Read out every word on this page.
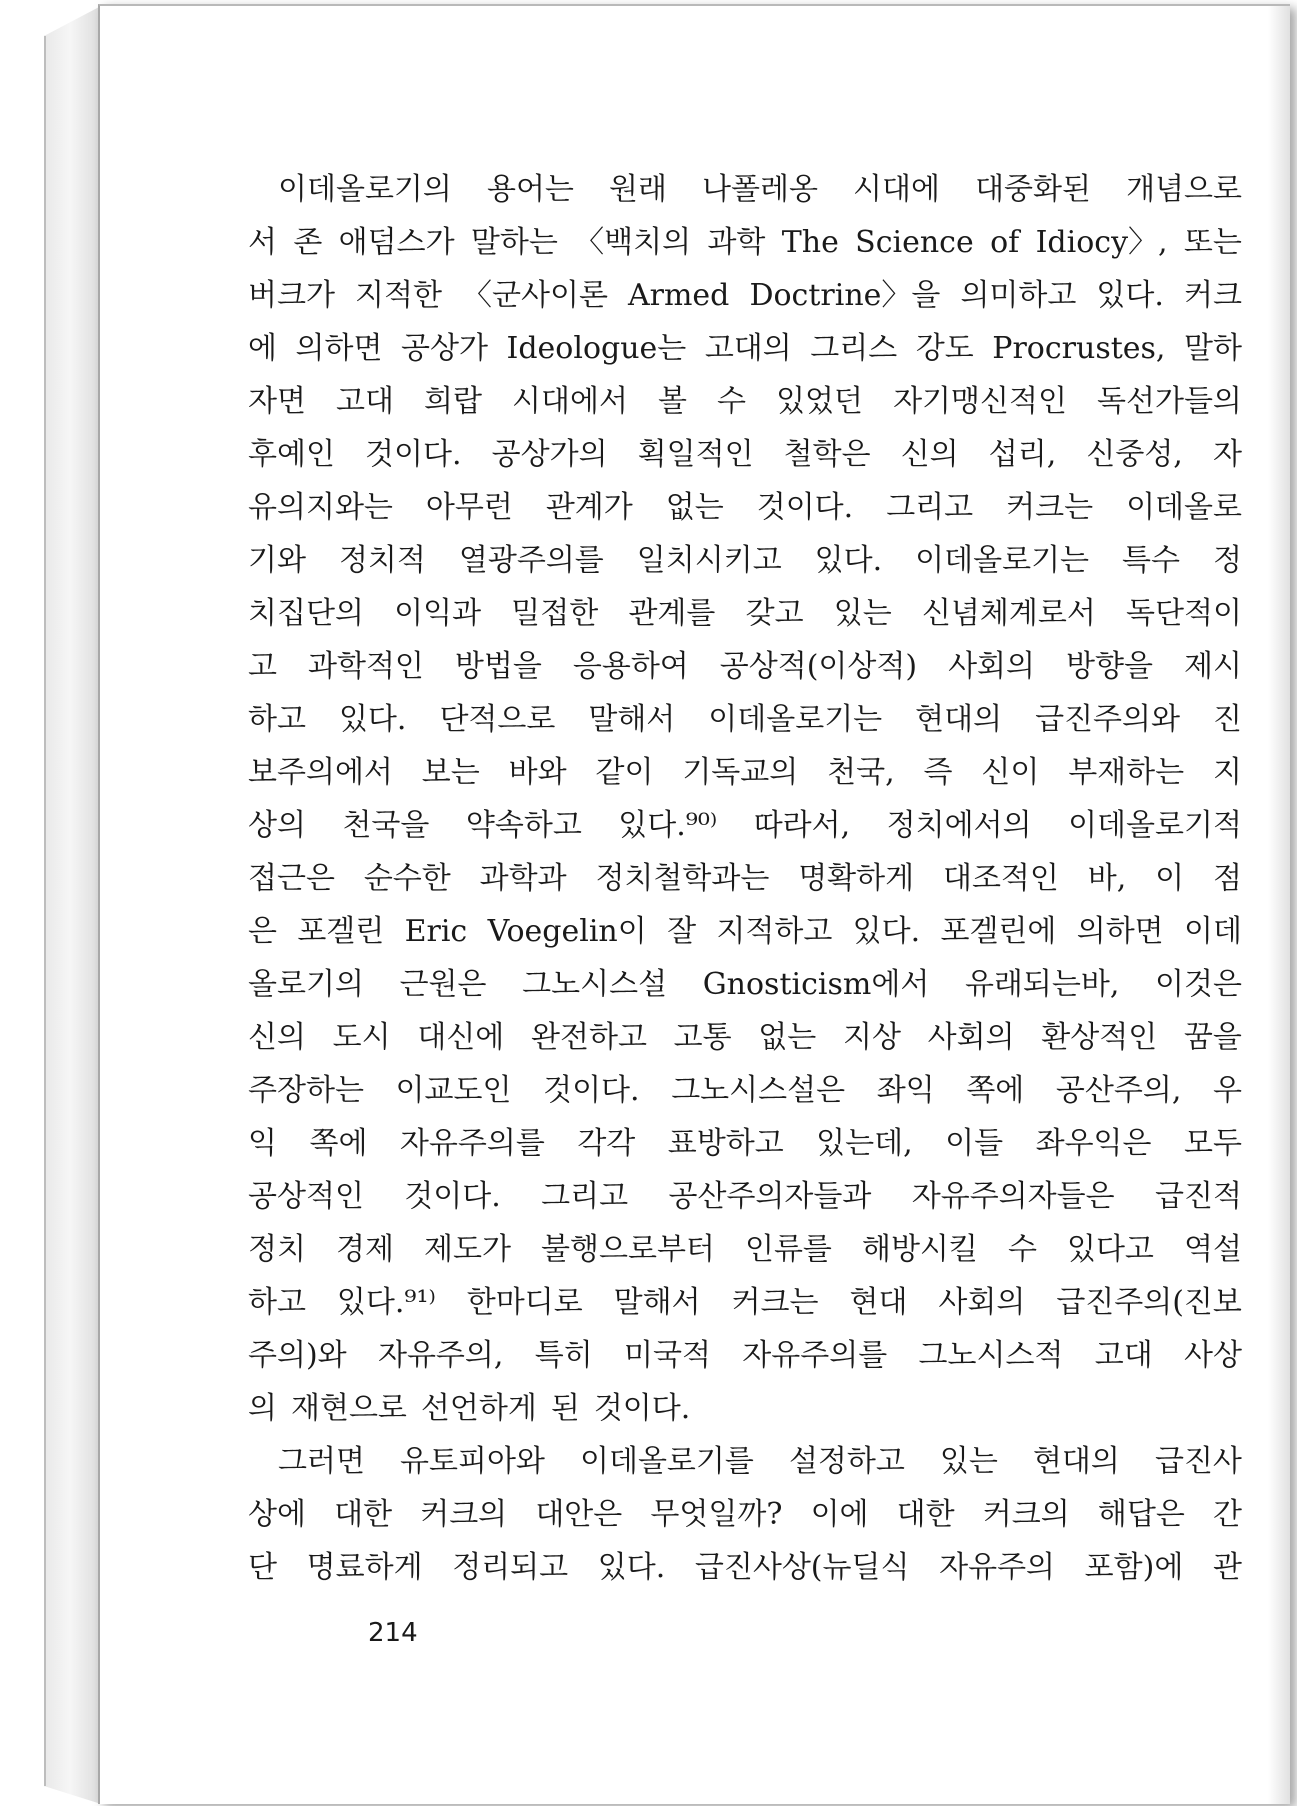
이데올로기의 용어는 원래 나폴레옹 시대에 대중화된 개념으로
서 존 애덤스가 말하는 〈백치의 과학 The Science of Idiocy〉, 또는
버크가 지적한 〈군사이론 Armed Doctrine〉을 의미하고 있다. 커크
에 의하면 공상가 Ideologue는 고대의 그리스 강도 Procrustes, 말하
자면 고대 희랍 시대에서 볼 수 있었던 자기맹신적인 독선가들의
후예인 것이다. 공상가의 획일적인 철학은 신의 섭리, 신중성, 자
유의지와는 아무런 관계가 없는 것이다. 그리고 커크는 이데올로
기와 정치적 열광주의를 일치시키고 있다. 이데올로기는 특수 정
치집단의 이익과 밀접한 관계를 갖고 있는 신념체계로서 독단적이
고 과학적인 방법을 응용하여 공상적(이상적) 사회의 방향을 제시
하고 있다. 단적으로 말해서 이데올로기는 현대의 급진주의와 진
보주의에서 보는 바와 같이 기독교의 천국, 즉 신이 부재하는 지
상의 천국을 약속하고 있다.⁹⁰⁾ 따라서, 정치에서의 이데올로기적
접근은 순수한 과학과 정치철학과는 명확하게 대조적인 바, 이 점
은 포겔린 Eric Voegelin이 잘 지적하고 있다. 포겔린에 의하면 이데
올로기의 근원은 그노시스설 Gnosticism에서 유래되는바, 이것은
신의 도시 대신에 완전하고 고통 없는 지상 사회의 환상적인 꿈을
주장하는 이교도인 것이다. 그노시스설은 좌익 쪽에 공산주의, 우
익 쪽에 자유주의를 각각 표방하고 있는데, 이들 좌우익은 모두
공상적인 것이다. 그리고 공산주의자들과 자유주의자들은 급진적
정치 경제 제도가 불행으로부터 인류를 해방시킬 수 있다고 역설
하고 있다.⁹¹⁾ 한마디로 말해서 커크는 현대 사회의 급진주의(진보
주의)와 자유주의, 특히 미국적 자유주의를 그노시스적 고대 사상
의 재현으로 선언하게 된 것이다.
그러면 유토피아와 이데올로기를 설정하고 있는 현대의 급진사
상에 대한 커크의 대안은 무엇일까? 이에 대한 커크의 해답은 간
단 명료하게 정리되고 있다. 급진사상(뉴딜식 자유주의 포함)에 관
214
